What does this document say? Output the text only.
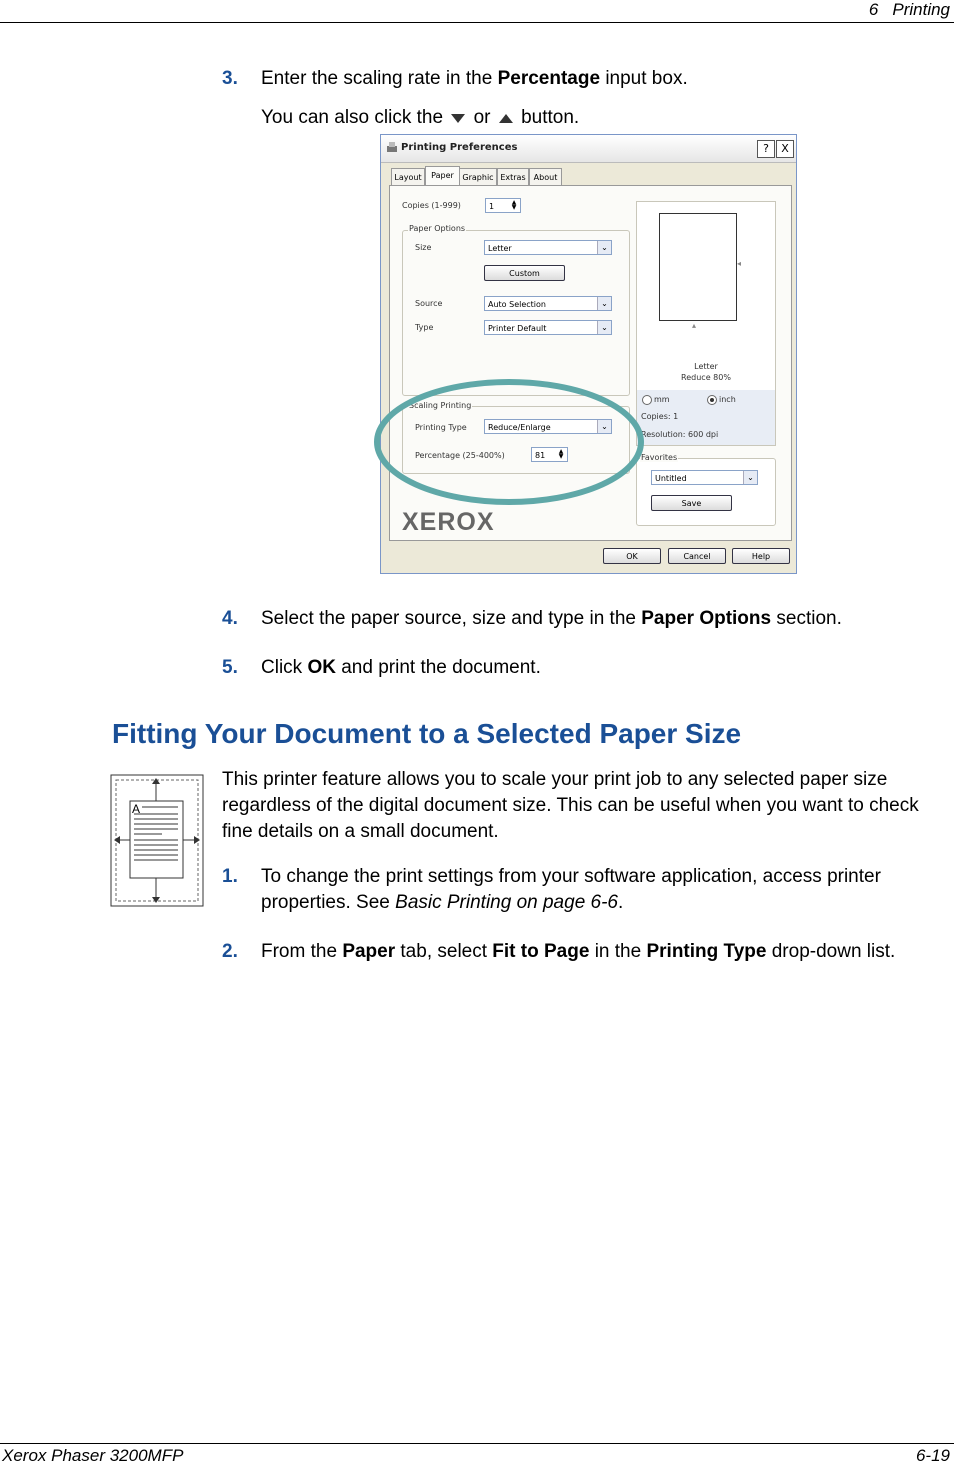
6 Printing
3. Enter the scaling rate in the Percentage input box.
You can also click the or button.
Printing Preferences	?	X
Layout	Paper	Graphic Extras	About
Copies (1-999)	1	▲
▼
Paper Options
Size	Letter	⌄
Custom
Source	Auto Selection	⌄
Type	Printer Default	⌄
Scaling Printing
Printing Type	Reduce/Enlarge	⌄
Percentage (25-400%)	81	▲
▼
◂
▴
Letter
Reduce 80%
mm	inch
Copies: 1
Resolution: 600 dpi
Favorites
Untitled	⌄
Save
XEROX
OK	Cancel	Help
4. Select the paper source, size and type in the Paper Options section.
5. Click OK and print the document.
Fitting Your Document to a Selected Paper Size
A
This printer feature allows you to scale your print job to any selected paper size regardless of the digital document size. This can be useful when you want to check fine details on a small document.
1. To change the print settings from your software application, access printer properties. See Basic Printing on page 6-6.
2. From the Paper tab, select Fit to Page in the Printing Type drop-down list.
Xerox Phaser 3200MFP	6-19
